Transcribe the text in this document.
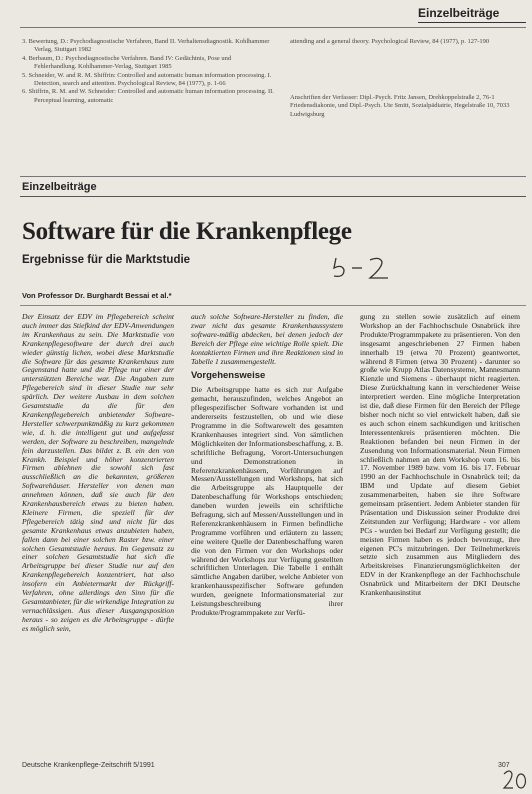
Einzelbeiträge

3. Bewertung, D.: Psychodiagnostische Verfahren, Band II. Verhaltensdiagnostik. Kohlhammer Verlag, Stuttgart 1982

4. Berbaum, D.: Psychodiagnostische Verfahren. Band IV: Gedächtnis, Pose und Fehlerhandlung. Kohlhammer-Verlag, Stuttgart 1985

5. Schneider, W. and R. M. Shiffrin: Controlled and automatic human information processing. I. Detection, search and attention. Psychological Review, 84 (1977), p. 1-66

6. Shiffrin, R. M. and W. Schneider: Controlled and automatic human information processing. II. Perceptual learning, automatic

attending and a general theory. Psychological Review, 84 (1977), p. 127-190

Anschriften der Verfasser: Dipl.-Psych. Fritz Jansen, Drehkoppelstraße 2, 76-1 Friedensdiakonie, und Dipl.-Psych. Ute Smitt, Sozialpädiatrie, Hegelstraße 10, 7033 Ludwigsburg
Einzelbeiträge
Software für die Krankenpflege
Ergebnisse für die Marktstudie
Von Professor Dr. Burghardt Bessai et al.*

Der Einsatz der EDV im Pflegebereich scheint auch immer das Stiefkind der EDV-Anwendungen im Krankenhaus zu sein. Die Marktstudie von Krankenpflegesoftware der durch drei auch wieder günstig lichen, wobei diese Marktstudie die Software für das gesamte Krankenhaus zum Gegenstand hatte und die Pflege nur einer der unterstützten Bereiche war. Die Angaben zum Pflegebereich sind in dieser Studie nur sehr spärlich. Der weitere Ausbau in dem solchen Gesamtstudie da die für den Krankenpflegebereich anbietender Software-Hersteller schwerpunktmäßig zu kurz gekommen wie, d. h. die intelligent gut und aufgefasst werden, der Software zu beschreiben, mangelnde fein darzustellen. Das bildet z. B. ein den von Krankh. Beispiel und höher konzentrierten Firmen ablehnen die sowohl sich fast ausschließlich an die bekannten, größeren Softwarehäuser. Hersteller von denen man annehmen können, daß sie auch für den Krankenhausbereich etwas zu bieten haben. Kleinere Firmen, die speziell für der Pflegebereich tätig sind und nicht für das gesamte Krankenhaus etwas anzubieten haben, fallen dann bei einer solchen Raster bzw. einer solchen Gesamtstudie heraus. Im Gegensatz zu einer solchen Gesamtstudie hat sich die Arbeitsgruppe bei dieser Studie nur auf den Krankenpflegebereich konzentriert, hat also insofern ein Anbietermarkt der Rückgriff-Verfahren, ohne allerdings den Sinn für die Gesamtanbieter, für die wirkendige Integration zu vernachlässigen. Aus dieser Ausgangsposition heraus - so zeigen es die Arbeitsgruppe - dürfte es möglich sein,

auch solche Software-Hersteller zu finden, die zwar nicht das gesamte Krankenhaussystem software-mäßig abdecken, bei denen jedoch der Bereich der Pflege eine wichtige Rolle spielt. Die kontaktierten Firmen und ihre Reaktionen sind in Tabelle 1 zusammengestellt.

Vorgehensweise

Die Arbeitsgruppe hatte es sich zur Aufgabe gemacht, herauszufinden, welches Angebot an pflegespezifischer Software vorhanden ist und andererseits festzustellen, ob und wie diese Programme in die Softwarewelt des gesamten Krankenhauses integriert sind. Von sämtlichen Möglichkeiten der Informationsbeschaffung, z. B. schriftliche Befragung, Vorort-Untersuchungen und Demonstrationen in Referenzkrankenhäusern, Vorführungen auf Messen/Ausstellungen und Workshops, hat sich die Arbeitsgruppe als Hauptquelle der Datenbeschaffung für Workshops entschieden; daneben wurden jeweils ein schriftliche Befragung, sich auf Messen/Ausstellungen und in Referenzkrankenhäusern in Firmen befindliche Programme vorführen und erläutern zu lassen; eine weitere Quelle der Datenbeschaffung waren die von den Firmen vor den Workshops oder während der Workshops zur Verfügung gestellten schriftlichen Unterlagen. Die Tabelle 1 enthält sämtliche Angaben darüber, welche Anbieter von krankenhausspezifischer Software gefunden wurden, geeignete Informationsmaterial zur Leistungsbeschreibung ihrer Produkte/Programmpakete zur Verfü-

gung zu stellen sowie zusätzlich auf einem Workshop an der Fachhochschule Osnabrück ihre Produkte/Programmpakete zu präsentieren. Von den insgesamt angeschriebenen 27 Firmen haben innerhalb 19 (etwa 70 Prozent) geantwortet, während 8 Firmen (etwa 30 Prozent) - darunter so große wie Krupp Atlas Datensysteme, Mannesmann Kienzle und Siemens - überhaupt nicht reagierten. Diese Zurückhaltung kann in verschiedener Weise interpretiert werden. Eine mögliche Interpretation ist die, daß diese Firmen für den Bereich der Pflege bisher noch nicht so viel entwickelt haben, daß sie es auch schon einem sachkundigen und kritischen Interessentenkreis präsentieren möchten. Die Reaktionen befanden bei neun Firmen in der Zusendung von Informationsmaterial. Neun Firmen schließlich nahmen an dem Workshop vom 16. bis 17. November 1989 bzw. vom 16. bis 17. Februar 1990 an der Fachhochschule in Osnabrück teil; da IBM und Update auf diesem Gebiet zusammenarbeiten, haben sie ihre Software gemeinsam präsentiert. Jedem Anbieter standen für Präsentation und Diskussion seiner Produkte drei Zeitstunden zur Verfügung; Hardware - vor allem PCs - wurden bei Bedarf zur Verfügung gestellt; die meisten Firmen haben es jedoch bevorzugt, ihre eigenen PC's mitzubringen. Der Teilnehmerkreis setzte sich zusammen aus Mitgliedern des Arbeitskreises Finanzierungsmöglichkeiten der EDV in der Krankenpflege an der Fachhochschule Osnabrück und Mitarbeitern der DKI Deutsche Krankenhausinstitut

Deutsche Krankenpflege-Zeitschrift 5/1991	307
